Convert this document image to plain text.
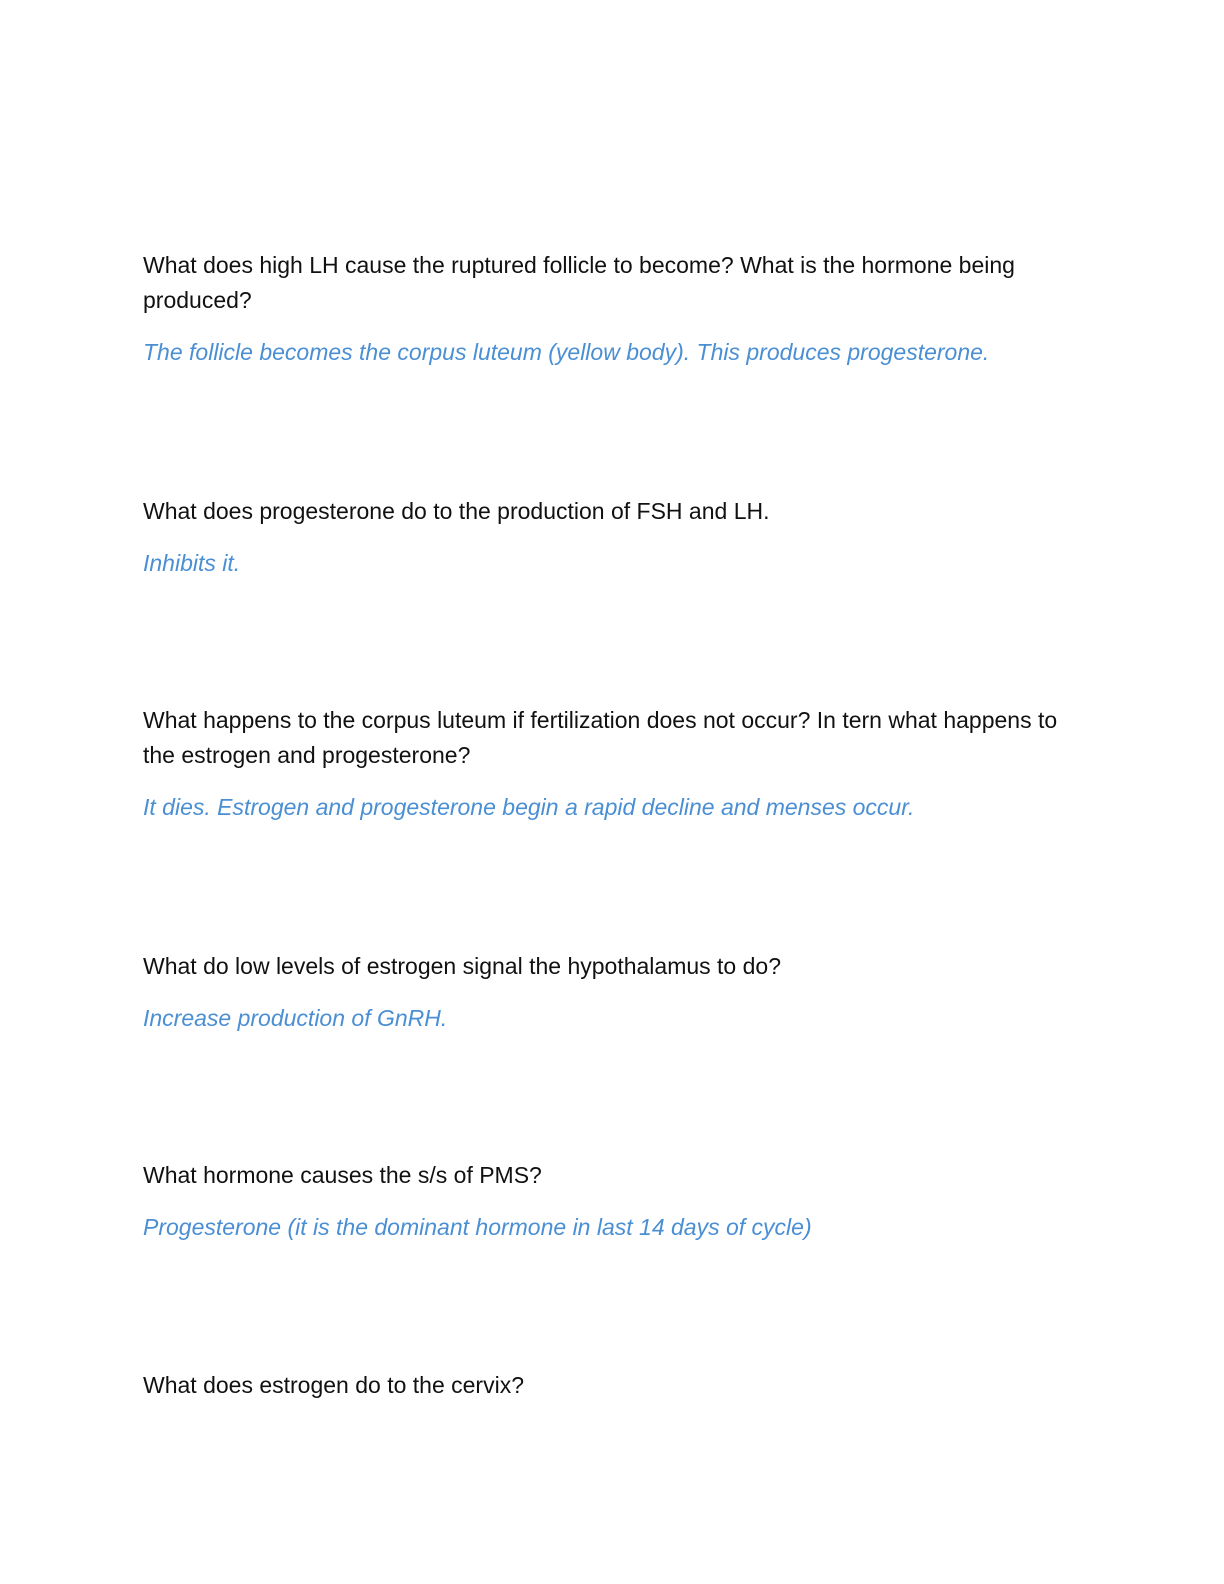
What does high LH cause the ruptured follicle to become? What is the hormone being produced?

The follicle becomes the corpus luteum (yellow body). This produces progesterone.

What does progesterone do to the production of FSH and LH.

Inhibits it.

What happens to the corpus luteum if fertilization does not occur? In tern what happens to the estrogen and progesterone?

It dies. Estrogen and progesterone begin a rapid decline and menses occur.

What do low levels of estrogen signal the hypothalamus to do?

Increase production of GnRH.

What hormone causes the s/s of PMS?

Progesterone (it is the dominant hormone in last 14 days of cycle)

What does estrogen do to the cervix?
